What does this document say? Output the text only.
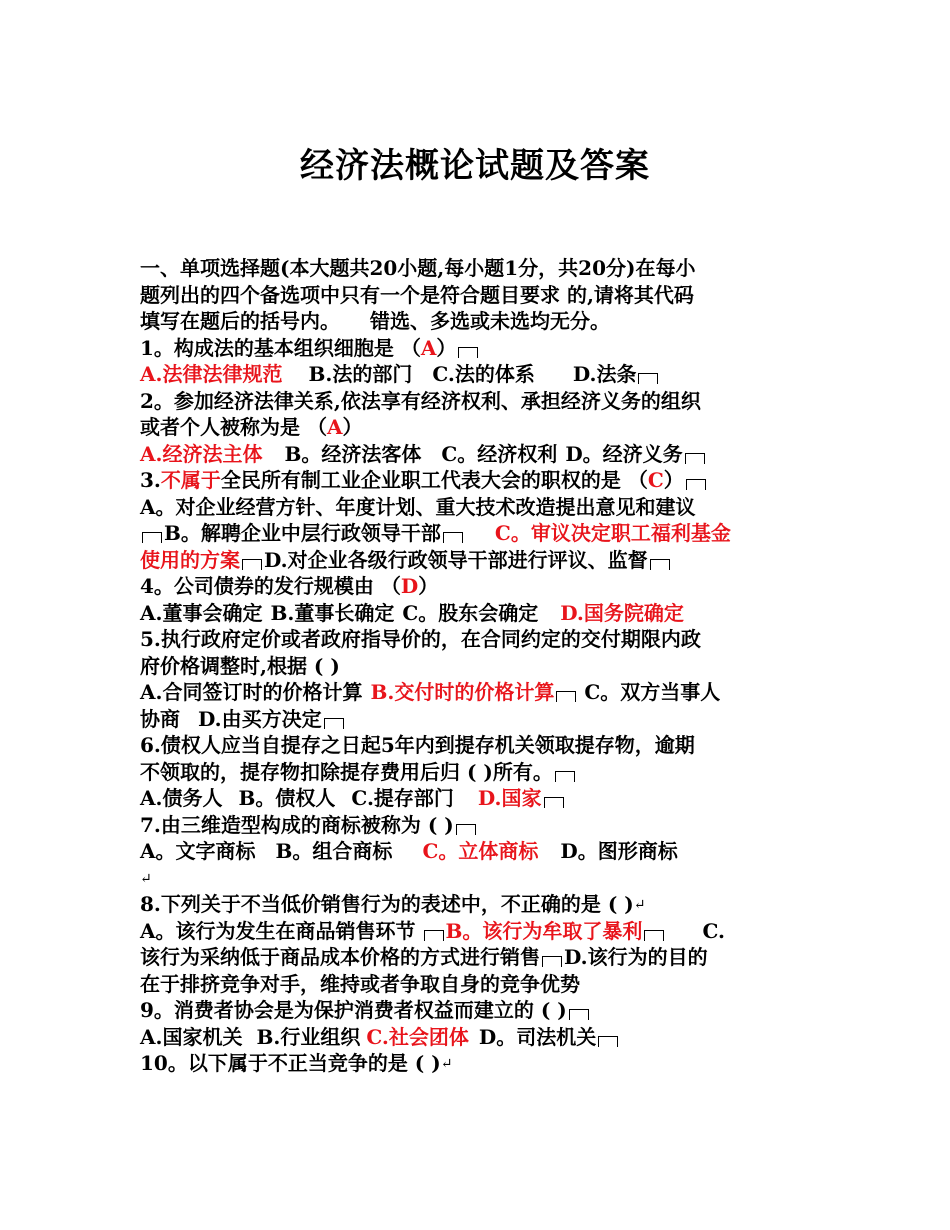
经济法概论试题及答案
一、单项选择题(本大题共20小题,每小题1分，共20分)在每小
题列出的四个备选项中只有一个是符合题目要求 的,请将其代码
填写在题后的括号内。 错选、多选或未选均无分。
1。构成法的基本组织细胞是 （A）
A.法律法律规范 B.法的部门 C.法的体系 D.法条
2。参加经济法律关系,依法享有经济权利、承担经济义务的组织
或者个人被称为是 （A）
A.经济法主体 B。经济法客体 C。经济权利 D。经济义务
3.不属于全民所有制工业企业职工代表大会的职权的是 （C）
A。对企业经营方针、年度计划、重大技术改造提出意见和建议
B。解聘企业中层行政领导干部	C。审议决定职工福利基金
使用的方案 D.对企业各级行政领导干部进行评议、监督
4。公司债券的发行规模由 （D）
A.董事会确定 B.董事长确定 C。股东会确定 D.国务院确定
5.执行政府定价或者政府指导价的，在合同约定的交付期限内政
府价格调整时,根据 ( )
A.合同签订时的价格计算 B.交付时的价格计算 C。双方当事人
协商 D.由买方决定
6.债权人应当自提存之日起5年内到提存机关领取提存物，逾期
不领取的，提存物扣除提存费用后归 ( )所有。
A.债务人 B。债权人 C.提存部门 D.国家
7.由三维造型构成的商标被称为 ( )
A。文字商标 B。组合商标 C。立体商标 D。图形商标
↵
8.下列关于不当低价销售行为的表述中，不正确的是 ( )↵
A。该行为发生在商品销售环节 B。该行为牟取了暴利	C.
该行为采纳低于商品成本价格的方式进行销售 D.该行为的目的
在于排挤竞争对手，维持或者争取自身的竞争优势
9。消费者协会是为保护消费者权益而建立的 ( )
A.国家机关 B.行业组织 C.社会团体 D。司法机关
10。以下属于不正当竞争的是 ( )↵
